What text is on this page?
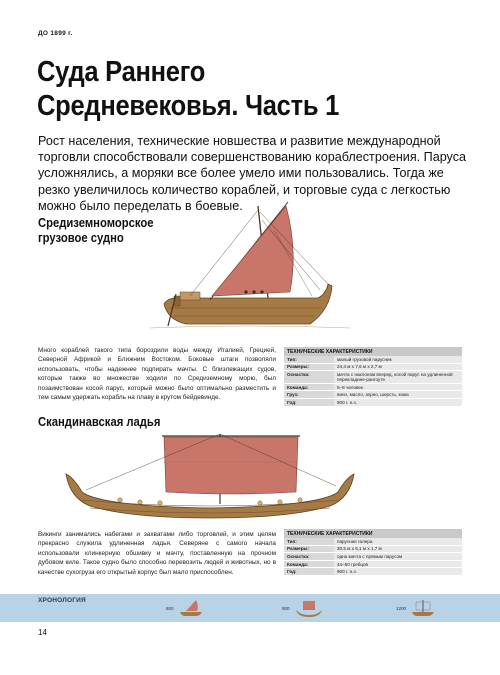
ДО 1899 г.
Суда Раннего
Средневековья. Часть 1
Рост населения, технические новшества и развитие международной торговли способствовали совершенствованию кораблестроения. Паруса усложнялись, а моряки все более умело ими пользовались. Тогда же резко увеличилось количество кораблей, и торговые суда с легкостью можно было переделать в боевые.
Средиземноморское
грузовое судно
Много кораблей такого типа бороздили воды между Италией, Грецией, Северной Африкой и Ближним Востоком. Боковые штаги позволяли использовать, чтобы надежнее подпирать мачты. С близлежащих судов, которые также во множестве ходили по Средиземному морю, был позаимствован косой парус, который можно было оптимально разместить и тем самым удержать корабль на плаву в крутом бейдевинде.
ТЕХНИЧЕСКИЕ ХАРАКТЕРИСТИКИ
Тип:	малый грузовой парусник
Размеры:	24,4 м х 7,6 м х 2,7 м
Оснастка:	мачта с наклоном вперед, косой парус на удлиненной перекладине-рангоуте
Команда:	5–8 человек
Груз:	вино, масло, зерно, шерсть, кожа
Год:	800 г. н.э.
Скандинавская ладья
Викинги занимались набегами и захватами либо торговлей, и этим целям прекрасно служила удлиненная ладья. Северяне с самого начала использовали клинкерную обшивку и мачту, поставленную на прочном дубовом киле. Такое судно было способно перевозить людей и животных, но в качестве сухогруза его открытый корпус был мало приспособлен.
ТЕХНИЧЕСКИЕ ХАРАКТЕРИСТИКИ
Тип:	парусная галера
Размеры:	30,5 м х 6,1 м х 1,7 м
Оснастка:	одна мачта с прямым парусом
Команда:	44–50 гребцов
Год:	900 г. н.э.
ХРОНОЛОГИЯ
800	900	1200
14
